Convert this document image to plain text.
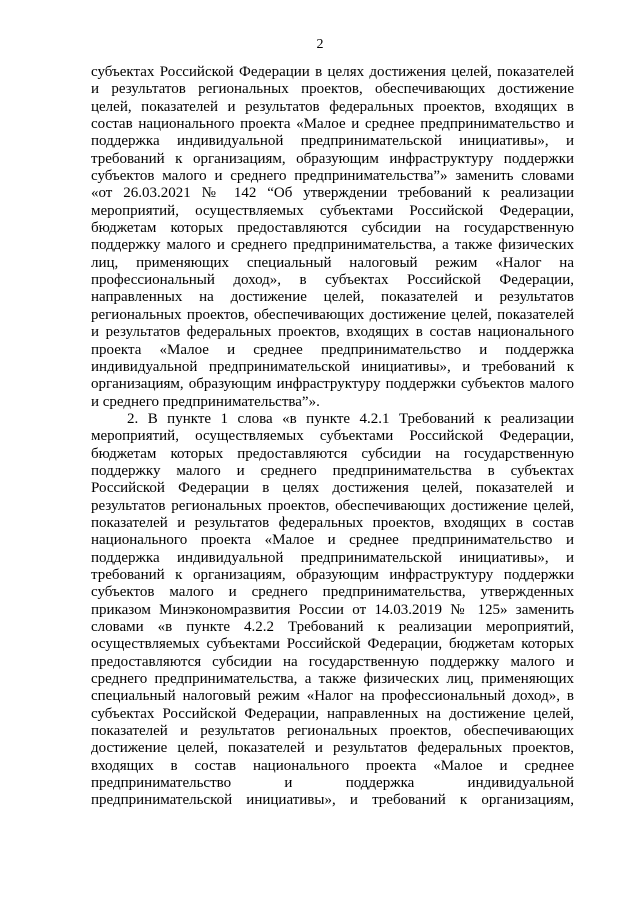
2
субъектах Российской Федерации в целях достижения целей, показателей
и результатов региональных проектов, обеспечивающих достижение
целей, показателей и результатов федеральных проектов, входящих в
состав национального проекта «Малое и среднее предпринимательство и
поддержка индивидуальной предпринимательской инициативы», и
требований к организациям, образующим инфраструктуру поддержки
субъектов малого и среднего предпринимательства”» заменить словами
«от 26.03.2021 № 142 “Об утверждении требований к реализации
мероприятий, осуществляемых субъектами Российской Федерации,
бюджетам которых предоставляются субсидии на государственную
поддержку малого и среднего предпринимательства, а также физических
лиц, применяющих специальный налоговый режим «Налог на
профессиональный доход», в субъектах Российской Федерации,
направленных на достижение целей, показателей и результатов
региональных проектов, обеспечивающих достижение целей, показателей
и результатов федеральных проектов, входящих в состав национального
проекта «Малое и среднее предпринимательство и поддержка
индивидуальной предпринимательской инициативы», и требований к
организациям, образующим инфраструктуру поддержки субъектов малого
и среднего предпринимательства”».
2. В пункте 1 слова «в пункте 4.2.1 Требований к реализации
мероприятий, осуществляемых субъектами Российской Федерации,
бюджетам которых предоставляются субсидии на государственную
поддержку малого и среднего предпринимательства в субъектах
Российской Федерации в целях достижения целей, показателей и
результатов региональных проектов, обеспечивающих достижение целей,
показателей и результатов федеральных проектов, входящих в состав
национального проекта «Малое и среднее предпринимательство и
поддержка индивидуальной предпринимательской инициативы», и
требований к организациям, образующим инфраструктуру поддержки
субъектов малого и среднего предпринимательства, утвержденных
приказом Минэкономразвития России от 14.03.2019 № 125» заменить
словами «в пункте 4.2.2 Требований к реализации мероприятий,
осуществляемых субъектами Российской Федерации, бюджетам которых
предоставляются субсидии на государственную поддержку малого и
среднего предпринимательства, а также физических лиц, применяющих
специальный налоговый режим «Налог на профессиональный доход», в
субъектах Российской Федерации, направленных на достижение целей,
показателей и результатов региональных проектов, обеспечивающих
достижение целей, показателей и результатов федеральных проектов,
входящих в состав национального проекта «Малое и среднее
предпринимательство и поддержка индивидуальной
предпринимательской инициативы», и требований к организациям,
